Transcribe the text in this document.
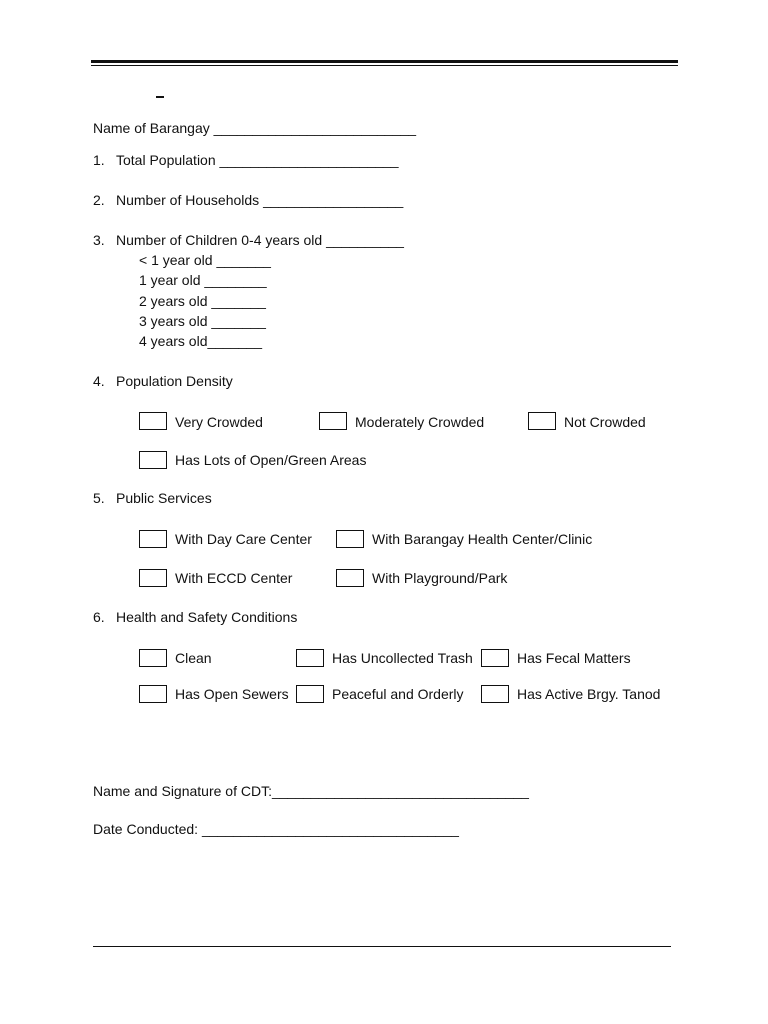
Name of Barangay __________________________
1. Total Population _______________________
2. Number of Households __________________
3. Number of Children 0-4 years old __________
< 1 year old _______
1 year old ________
2 years old _______
3 years old _______
4 years old_______
4. Population Density
Very Crowded	Moderately Crowded	Not Crowded
Has Lots of Open/Green Areas
5. Public Services
With Day Care Center	With Barangay Health Center/Clinic
With ECCD Center	With Playground/Park
6. Health and Safety Conditions
Clean	Has Uncollected Trash	Has Fecal Matters
Has Open Sewers	Peaceful and Orderly	Has Active Brgy. Tanod
Name and Signature of CDT:_________________________________
Date Conducted: _________________________________
